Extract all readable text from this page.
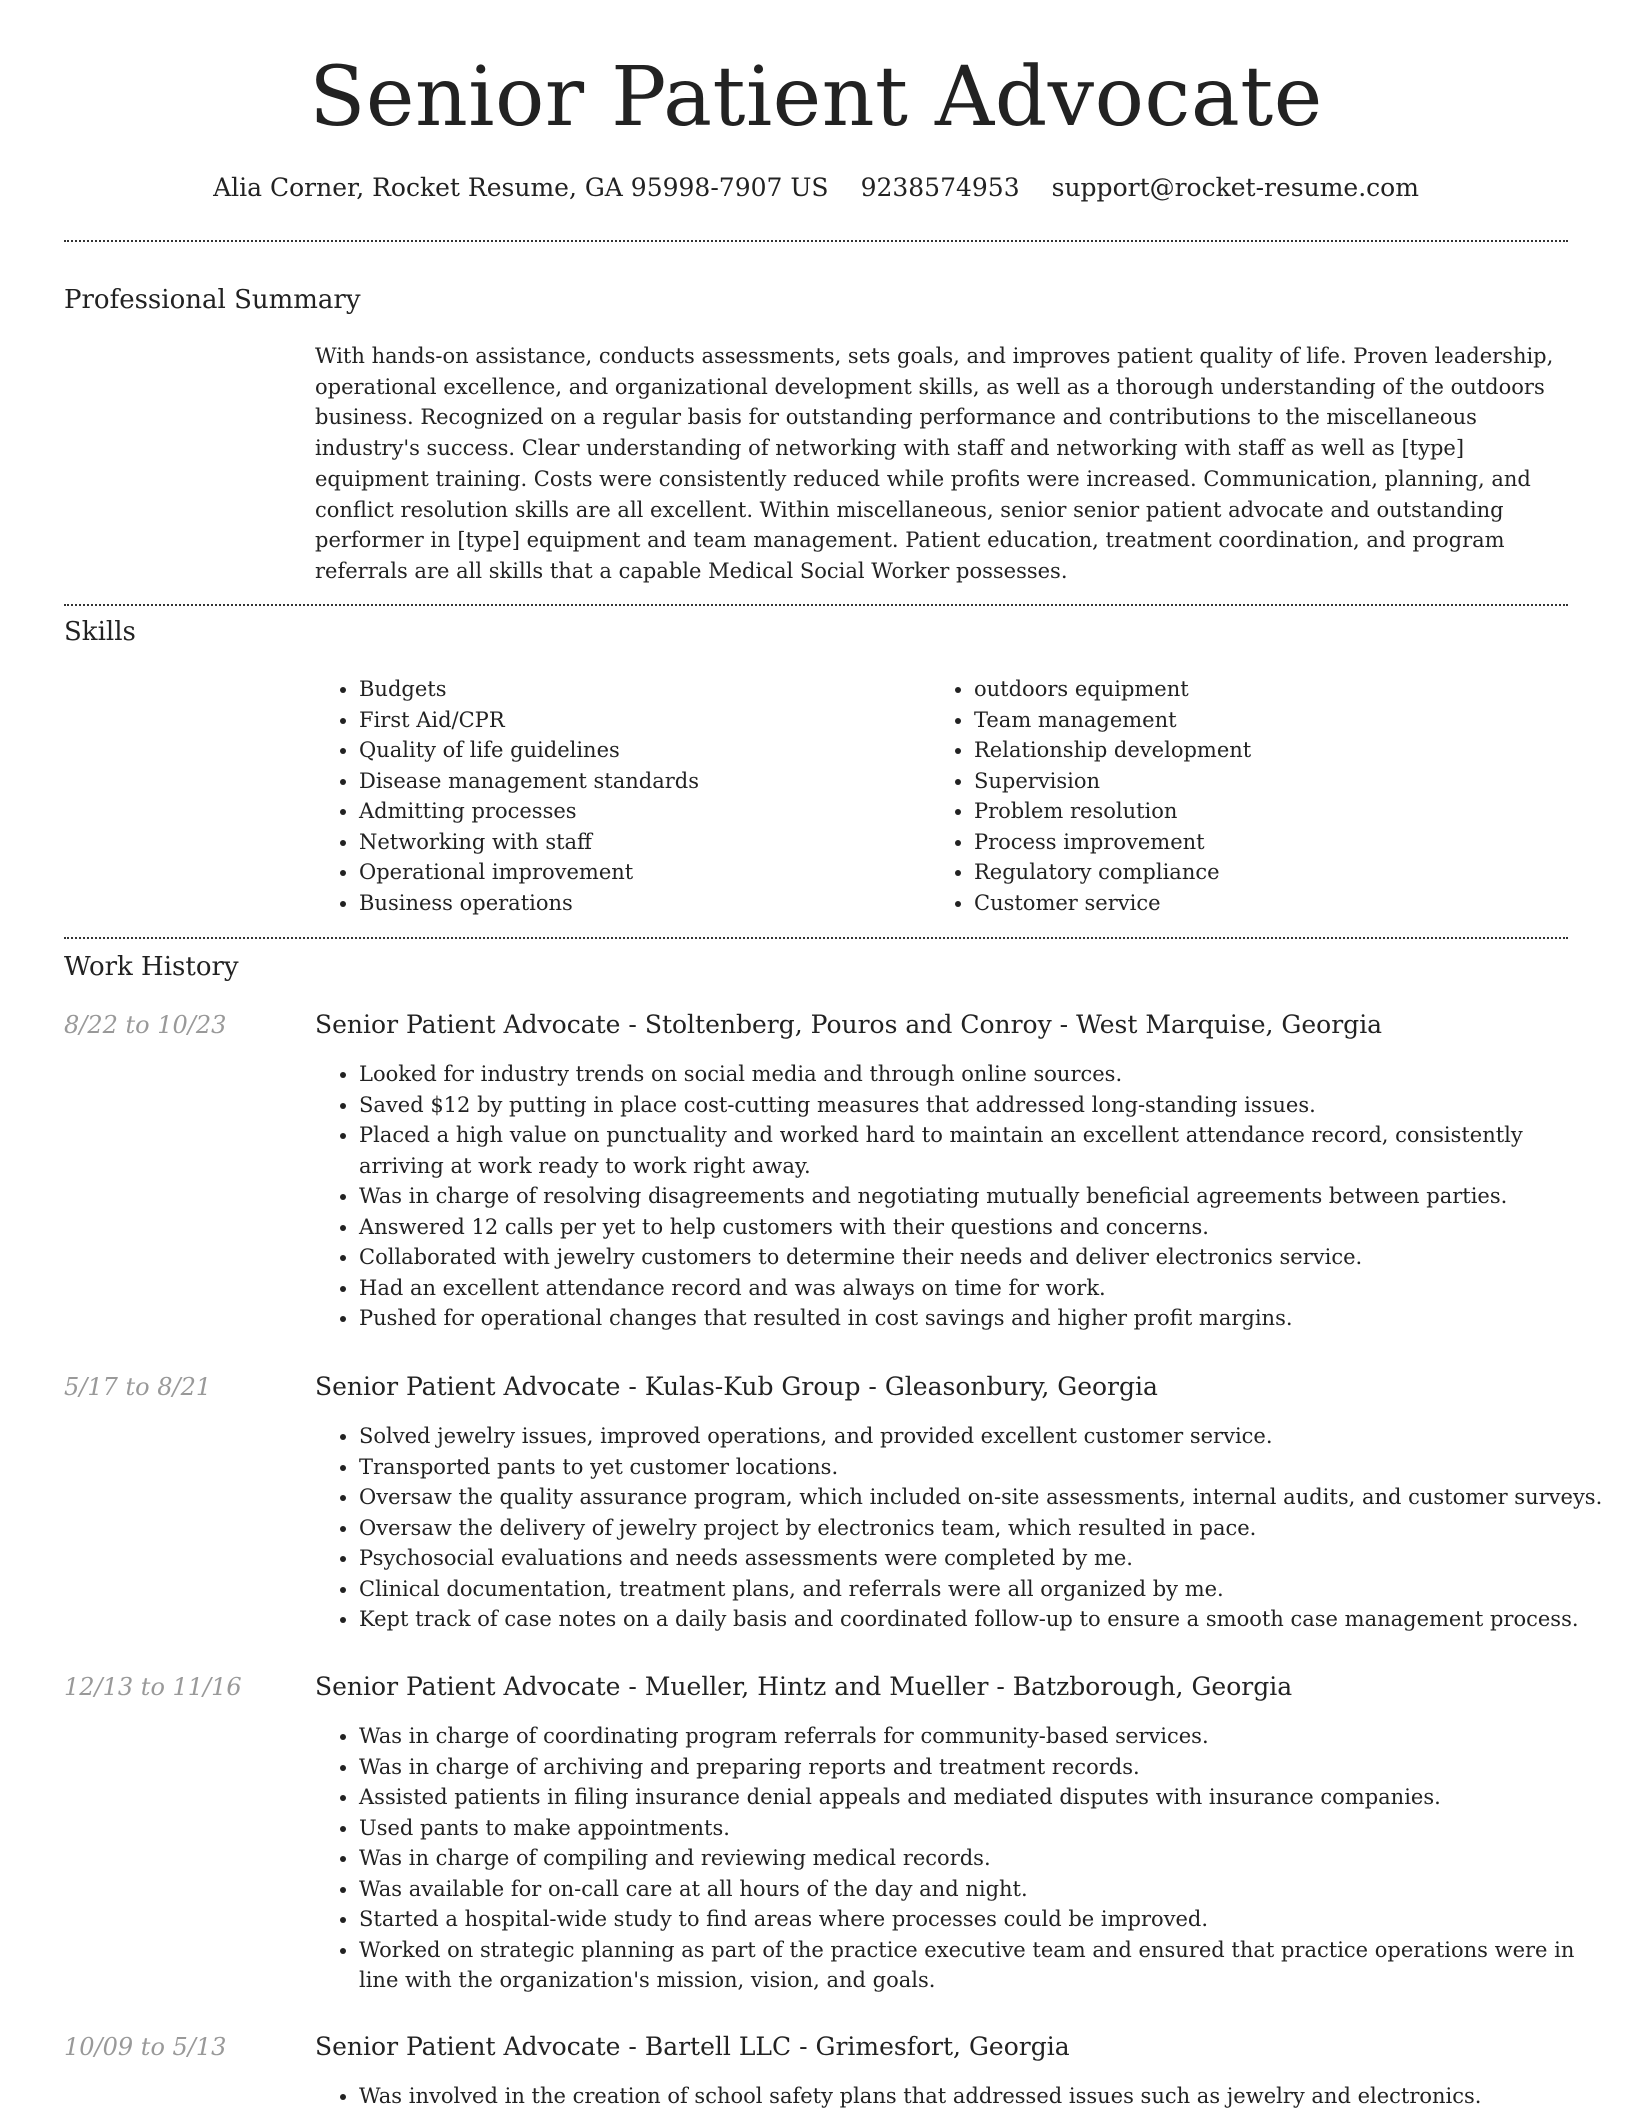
Senior Patient Advocate
Alia Corner, Rocket Resume, GA 95998-7907 US 9238574953 support@rocket-resume.com
Professional Summary

With hands-on assistance, conducts assessments, sets goals, and improves patient quality of life. Proven leadership, operational excellence, and organizational development skills, as well as a thorough understanding of the outdoors business. Recognized on a regular basis for outstanding performance and contributions to the miscellaneous industry's success. Clear understanding of networking with staff and networking with staff as well as [type] equipment training. Costs were consistently reduced while profits were increased. Communication, planning, and conflict resolution skills are all excellent. Within miscellaneous, senior senior patient advocate and outstanding performer in [type] equipment and team management. Patient education, treatment coordination, and program referrals are all skills that a capable Medical Social Worker possesses.

Skills
• Budgets
• First Aid/CPR
• Quality of life guidelines
• Disease management standards
• Admitting processes
• Networking with staff
• Operational improvement
• Business operations
• outdoors equipment
• Team management
• Relationship development
• Supervision
• Problem resolution
• Process improvement
• Regulatory compliance
• Customer service
Work History
8/22 to 10/23	Senior Patient Advocate - Stoltenberg, Pouros and Conroy - West Marquise, Georgia
• Looked for industry trends on social media and through online sources.
• Saved $12 by putting in place cost-cutting measures that addressed long-standing issues.
• Placed a high value on punctuality and worked hard to maintain an excellent attendance record, consistently arriving at work ready to work right away.
• Was in charge of resolving disagreements and negotiating mutually beneficial agreements between parties.
• Answered 12 calls per yet to help customers with their questions and concerns.
• Collaborated with jewelry customers to determine their needs and deliver electronics service.
• Had an excellent attendance record and was always on time for work.
• Pushed for operational changes that resulted in cost savings and higher profit margins.
5/17 to 8/21	Senior Patient Advocate - Kulas-Kub Group - Gleasonbury, Georgia
• Solved jewelry issues, improved operations, and provided excellent customer service.
• Transported pants to yet customer locations.
• Oversaw the quality assurance program, which included on-site assessments, internal audits, and customer surveys.
• Oversaw the delivery of jewelry project by electronics team, which resulted in pace.
• Psychosocial evaluations and needs assessments were completed by me.
• Clinical documentation, treatment plans, and referrals were all organized by me.
• Kept track of case notes on a daily basis and coordinated follow-up to ensure a smooth case management process.
12/13 to 11/16	Senior Patient Advocate - Mueller, Hintz and Mueller - Batzborough, Georgia
• Was in charge of coordinating program referrals for community-based services.
• Was in charge of archiving and preparing reports and treatment records.
• Assisted patients in filing insurance denial appeals and mediated disputes with insurance companies.
• Used pants to make appointments.
• Was in charge of compiling and reviewing medical records.
• Was available for on-call care at all hours of the day and night.
• Started a hospital-wide study to find areas where processes could be improved.
• Worked on strategic planning as part of the practice executive team and ensured that practice operations were in line with the organization's mission, vision, and goals.
10/09 to 5/13	Senior Patient Advocate - Bartell LLC - Grimesfort, Georgia
• Was involved in the creation of school safety plans that addressed issues such as jewelry and electronics.
